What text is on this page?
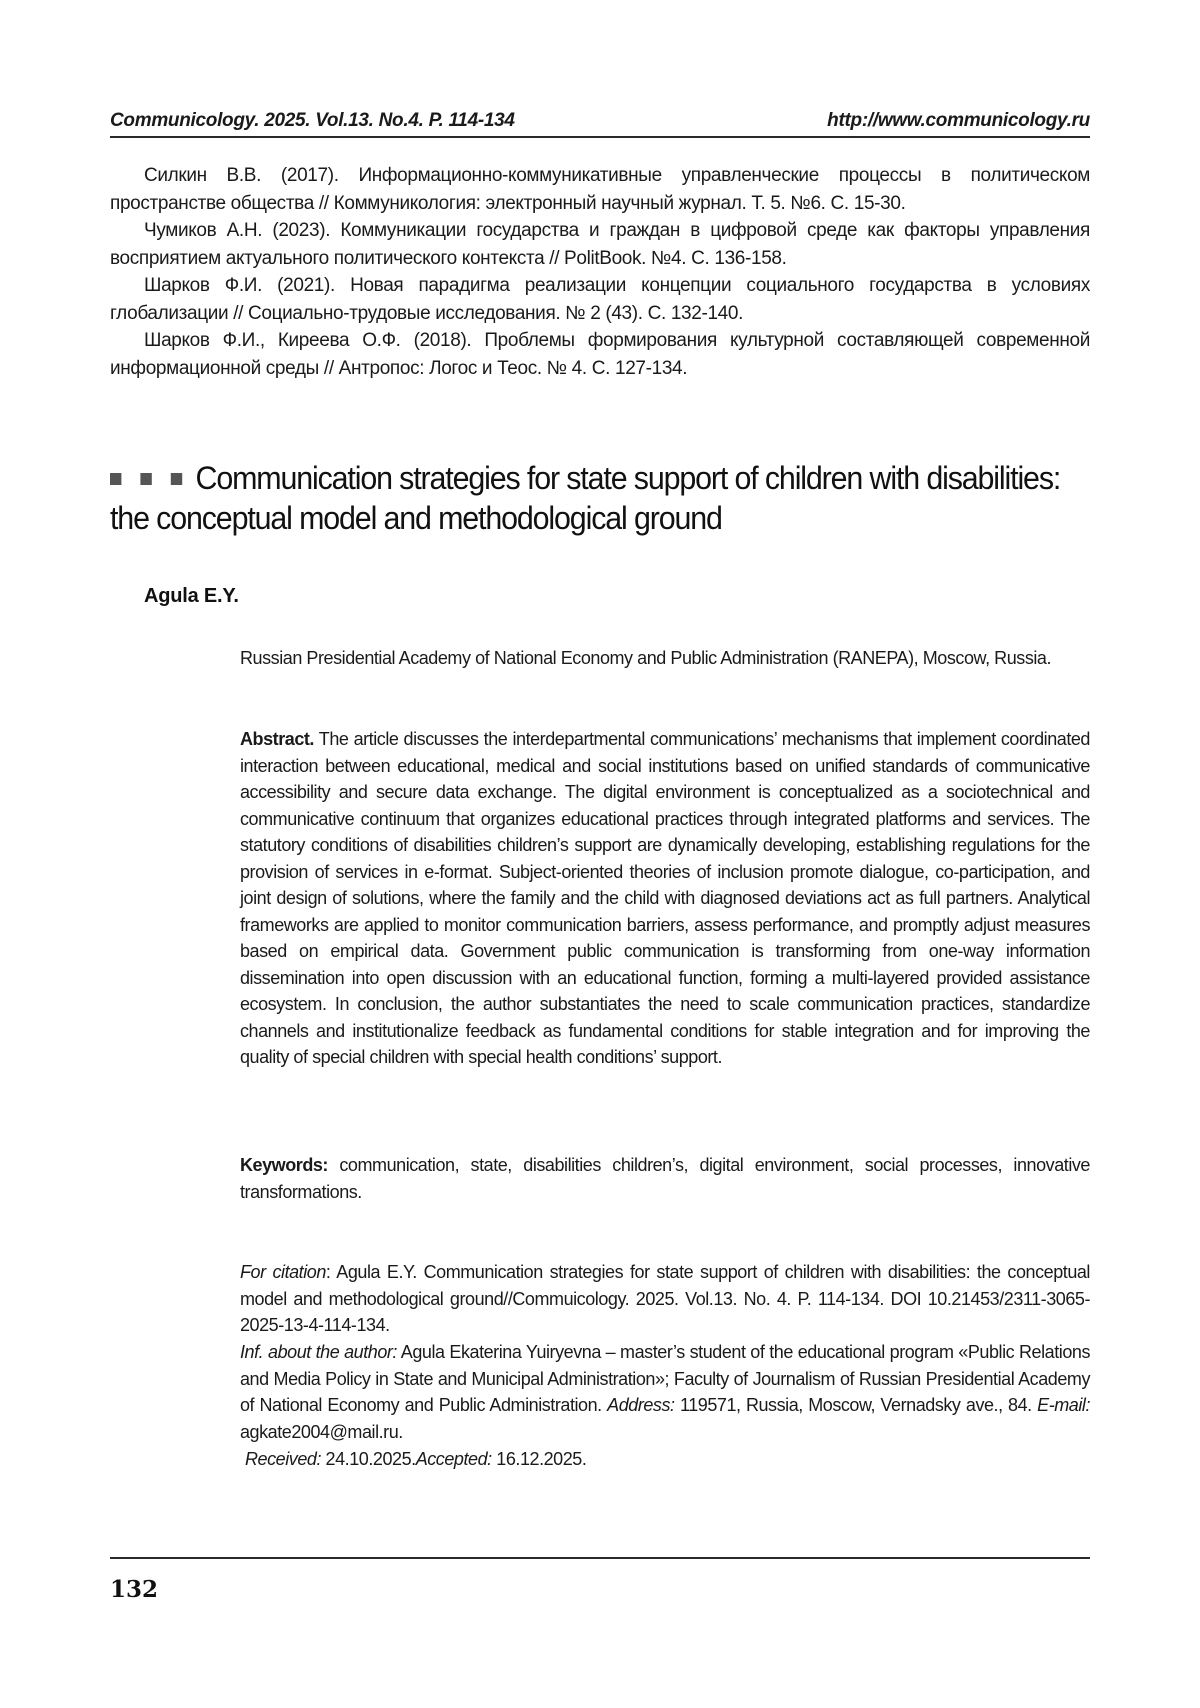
Communicology. 2025. Vol.13. No.4. P. 114-134	http://www.communicology.ru

Силкин В.В. (2017). Информационно-коммуникативные управленческие процессы в политическом пространстве общества // Коммуникология: электронный научный журнал. Т. 5. №6. С. 15-30.

Чумиков А.Н. (2023). Коммуникации государства и граждан в цифровой среде как факторы управления восприятием актуального политического контекста // PolitBook. №4. С. 136-158.

Шарков Ф.И. (2021). Новая парадигма реализации концепции социального государства в условиях глобализации // Социально-трудовые исследования. № 2 (43). С. 132-140.

Шарков Ф.И., Киреева О.Ф. (2018). Проблемы формирования культурной составляющей современной информационной среды // Антропос: Логос и Теос. № 4. С. 127-134.

Communication strategies for state support of children with disabilities: the conceptual model and methodological ground
Agula E.Y.
Russian Presidential Academy of National Economy and Public Administration (RANEPA), Moscow, Russia.

Abstract. The article discusses the interdepartmental communications’ mechanisms that implement coordinated interaction between educational, medical and social institutions based on unified standards of communicative accessibility and secure data exchange. The digital environment is conceptualized as a sociotechnical and communicative continuum that organizes educational practices through integrated platforms and services. The statutory conditions of disabilities children’s support are dynamically developing, establishing regulations for the provision of services in e-format. Subject-oriented theories of inclusion promote dialogue, co-participation, and joint design of solutions, where the family and the child with diagnosed deviations act as full partners. Analytical frameworks are applied to monitor communication barriers, assess performance, and promptly adjust measures based on empirical data. Government public communication is transforming from one-way information dissemination into open discussion with an educational function, forming a multi-layered provided assistance ecosystem. In conclusion, the author substantiates the need to scale communication practices, standardize channels and institutionalize feedback as fundamental conditions for stable integration and for improving the quality of special children with special health conditions’ support.

Keywords: communication, state, disabilities children’s, digital environment, social processes, innovative transformations.

For citation: Agula E.Y. Communication strategies for state support of children with disabilities: the conceptual model and methodological ground//Commuicology. 2025. Vol.13. No. 4. P. 114-134. DOI 10.21453/2311-3065-2025-13-4-114-134.

Inf. about the author: Agula Ekaterina Yuiryevna – master’s student of the educational program «Public Relations and Media Policy in State and Municipal Administration»; Faculty of Journalism of Russian Presidential Academy of National Economy and Public Administration. Address: 119571, Russia, Moscow, Vernadsky ave., 84. E-mail: agkate2004@mail.ru.

Received: 24.10.2025.Accepted: 16.12.2025.

132
